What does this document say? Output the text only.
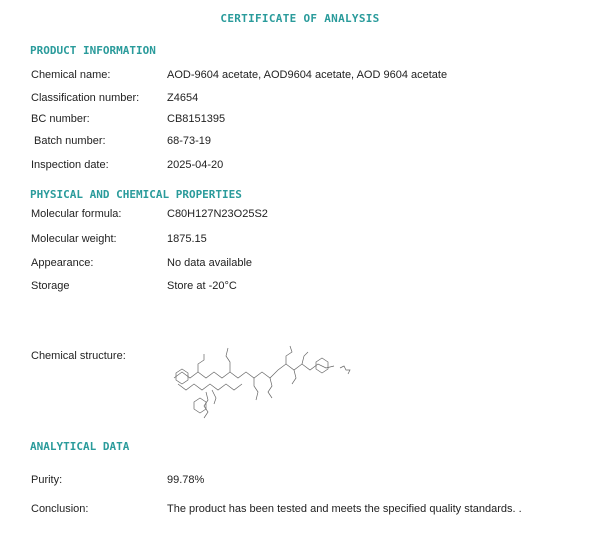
CERTIFICATE OF ANALYSIS
PRODUCT INFORMATION
Chemical name:	AOD-9604 acetate, AOD9604 acetate, AOD 9604 acetate
Classification number:	Z4654
BC number:	CB8151395
Batch number:	68-73-19
Inspection date:	2025-04-20
PHYSICAL AND CHEMICAL PROPERTIES
Molecular formula:	C80H127N23O25S2
Molecular weight:	1875.15
Appearance:	No data available
Storage	Store at -20°C
Chemical structure:
ANALYTICAL DATA
Purity:	99.78%
Conclusion:	The product has been tested and meets the specified quality standards. .
